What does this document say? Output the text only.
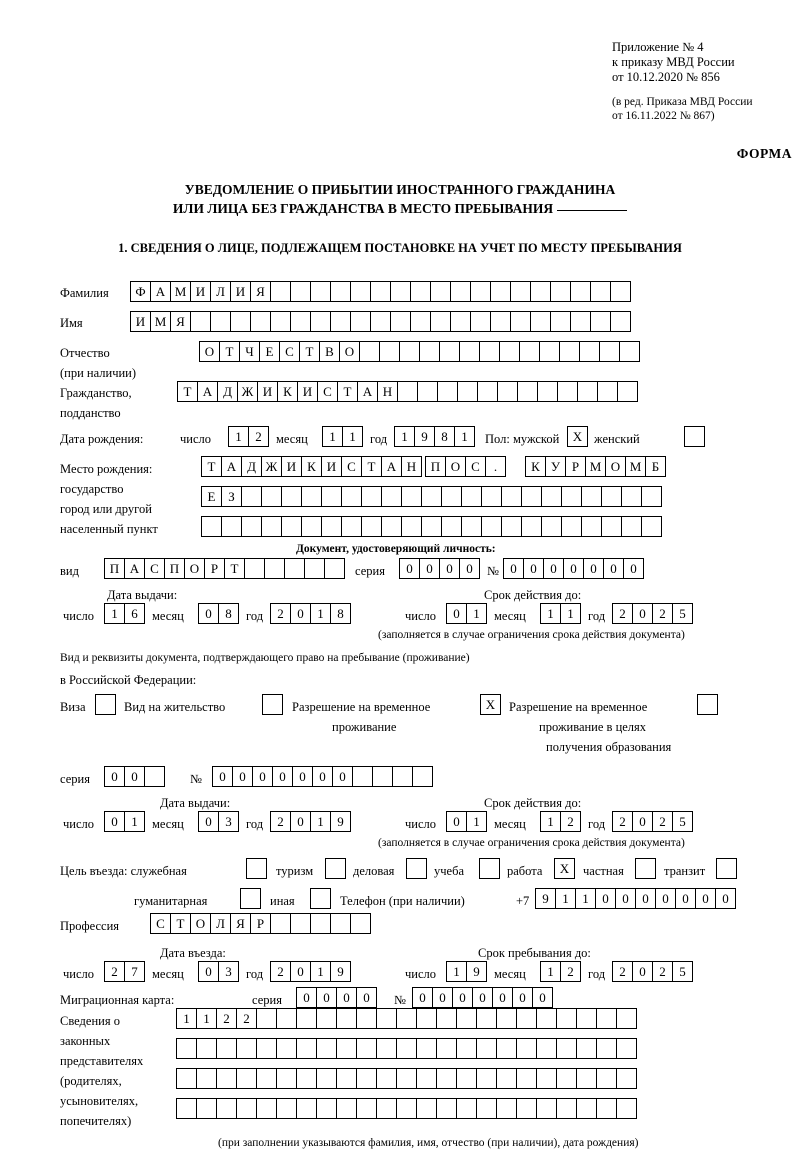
Приложение № 4
к приказу МВД России
от 10.12.2020 № 856
(в ред. Приказа МВД России
от 16.11.2022 № 867)
ФОРМА
УВЕДОМЛЕНИЕ О ПРИБЫТИИ ИНОСТРАННОГО ГРАЖДАНИНА

ИЛИ ЛИЦА БЕЗ ГРАЖДАНСТВА В МЕСТО ПРЕБЫВАНИЯ
1. СВЕДЕНИЯ О ЛИЦЕ, ПОДЛЕЖАЩЕМ ПОСТАНОВКЕ НА УЧЕТ ПО МЕСТУ ПРЕБЫВАНИЯ
Фамилия	Ф А М И Л И Я
Имя	И М Я
Отчество
(при наличии)
О Т Ч Е С Т В О
Гражданство,
подданство
Т А Д Ж И К И С Т А Н
Дата рождения:	число	1	2	месяц	1	1	год	1	9	8	1	Пол: мужской	X женский
Место рождения:
государство
город или другой
населенный пункт
Т А Д Ж И К И С Т А Н	П О С	.	К У Р М О М Б
Е З
Документ, удостоверяющий личность:
вид	П А С П О Р Т	серия	0	0	0	0	№ 0	0	0	0	0	0	0
Дата выдачи:	Срок действия до:
число	1	6	месяц	0	8	год	2	0	1	8	число	0	1	месяц	1	1	год	2	0	2	5
(заполняется в случае ограничения срока действия документа)
Вид и реквизиты документа, подтверждающего право на пребывание (проживание)
в Российской Федерации:
Виза	Вид на жительство	Разрешение на временное
проживание
X	Разрешение на временное
проживание в целях
получения образования
серия	0	0	№	0	0	0	0	0	0	0
Дата выдачи:	Срок действия до:
число	0	1	месяц	0	3	год	2	0	1	9	число	0	1	месяц	1	2	год	2	0	2	5
(заполняется в случае ограничения срока действия документа)
Цель въезда: служебная	туризм	деловая	учеба	работа	X	частная	транзит
гуманитарная	иная	Телефон (при наличии)	+7 9	1	1	0	0	0	0	0	0	0
Профессия	С Т О Л Я Р
Дата въезда:	Срок пребывания до:
число	2	7	месяц	0	3	год	2	0	1	9	число	1	9	месяц	1	2	год	2	0	2	5
Миграционная карта:	серия	0	0	0	0	№	0	0	0	0	0	0	0
Сведения о
законных
представителях
(родителях,
усыновителях,
попечителях)
1	1	2	2
(при заполнении указываются фамилия, имя, отчество (при наличии), дата рождения)
